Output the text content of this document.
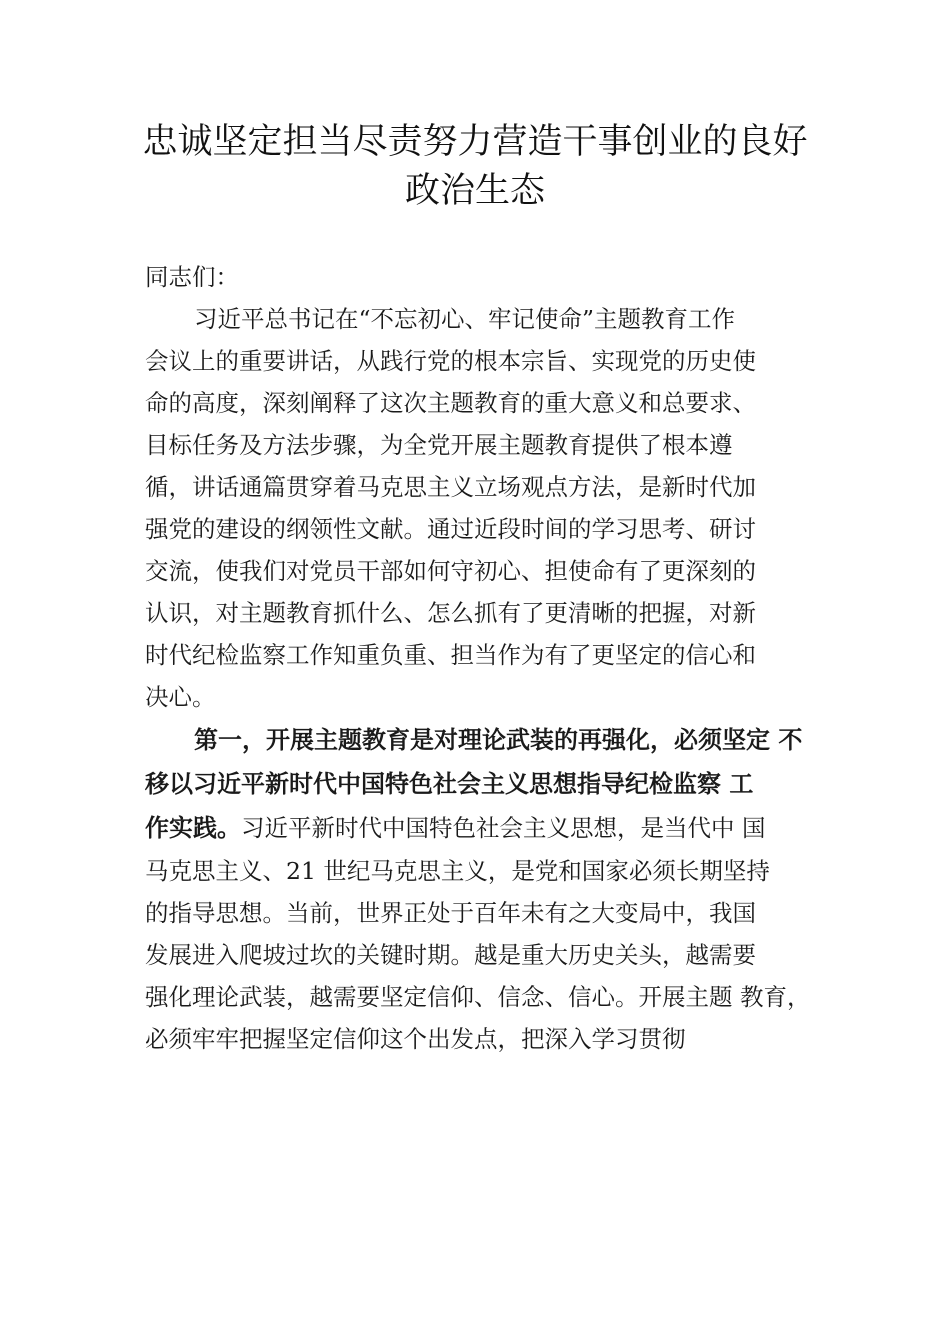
忠诚坚定担当尽责努力营造干事创业的良好
政治生态
同志们：
习近平总书记在“不忘初心、牢记使命”主题教育工作
会议上的重要讲话，从践行党的根本宗旨、实现党的历史使
命的高度，深刻阐释了这次主题教育的重大意义和总要求、
目标任务及方法步骤，为全党开展主题教育提供了根本遵
循，讲话通篇贯穿着马克思主义立场观点方法，是新时代加
强党的建设的纲领性文献。通过近段时间的学习思考、研讨
交流，使我们对党员干部如何守初心、担使命有了更深刻的
认识，对主题教育抓什么、怎么抓有了更清晰的把握，对新
时代纪检监察工作知重负重、担当作为有了更坚定的信心和
决心。
第一，开展主题教育是对理论武装的再强化，必须坚定 不
移以习近平新时代中国特色社会主义思想指导纪检监察 工
作实践。习近平新时代中国特色社会主义思想，是当代中 国
马克思主义、21 世纪马克思主义，是党和国家必须长期坚持
的指导思想。当前，世界正处于百年未有之大变局中，我国
发展进入爬坡过坎的关键时期。越是重大历史关头，越需要
强化理论武装，越需要坚定信仰、信念、信心。开展主题 教育，
必须牢牢把握坚定信仰这个出发点，把深入学习贯彻
